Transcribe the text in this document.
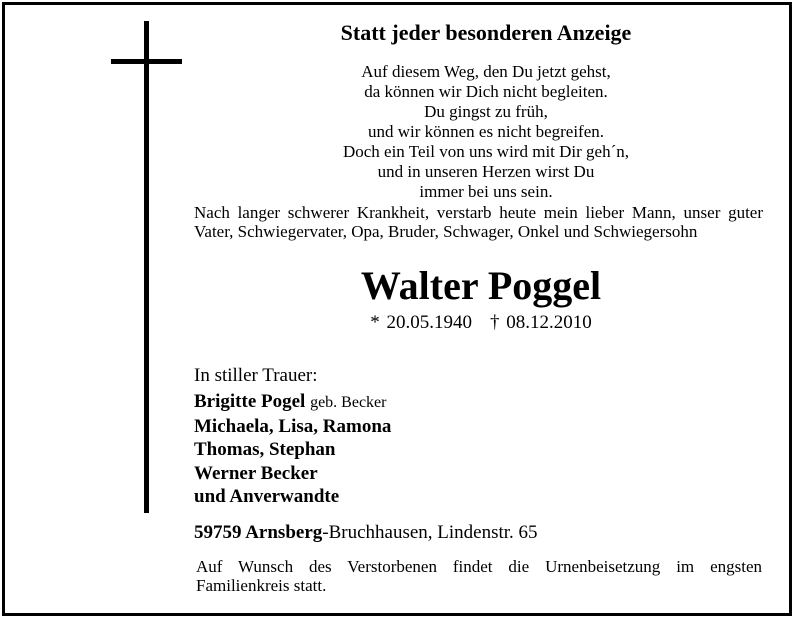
Statt jeder besonderen Anzeige
Auf diesem Weg, den Du jetzt gehst,
da können wir Dich nicht begleiten.
Du gingst zu früh,
und wir können es nicht begreifen.
Doch ein Teil von uns wird mit Dir geh´n,
und in unseren Herzen wirst Du
immer bei uns sein.
Nach langer schwerer Krankheit, verstarb heute mein lieber Mann, unser guter Vater, Schwiegervater, Opa, Bruder, Schwager, Onkel und Schwiegersohn
Walter Poggel
* 20.05.1940 † 08.12.2010
In stiller Trauer:
Brigitte Pogel geb. Becker
Michaela, Lisa, Ramona
Thomas, Stephan
Werner Becker
und Anverwandte
59759 Arnsberg-Bruchhausen, Lindenstr. 65
Auf Wunsch des Verstorbenen findet die Urnenbeisetzung im engsten Familienkreis statt.
